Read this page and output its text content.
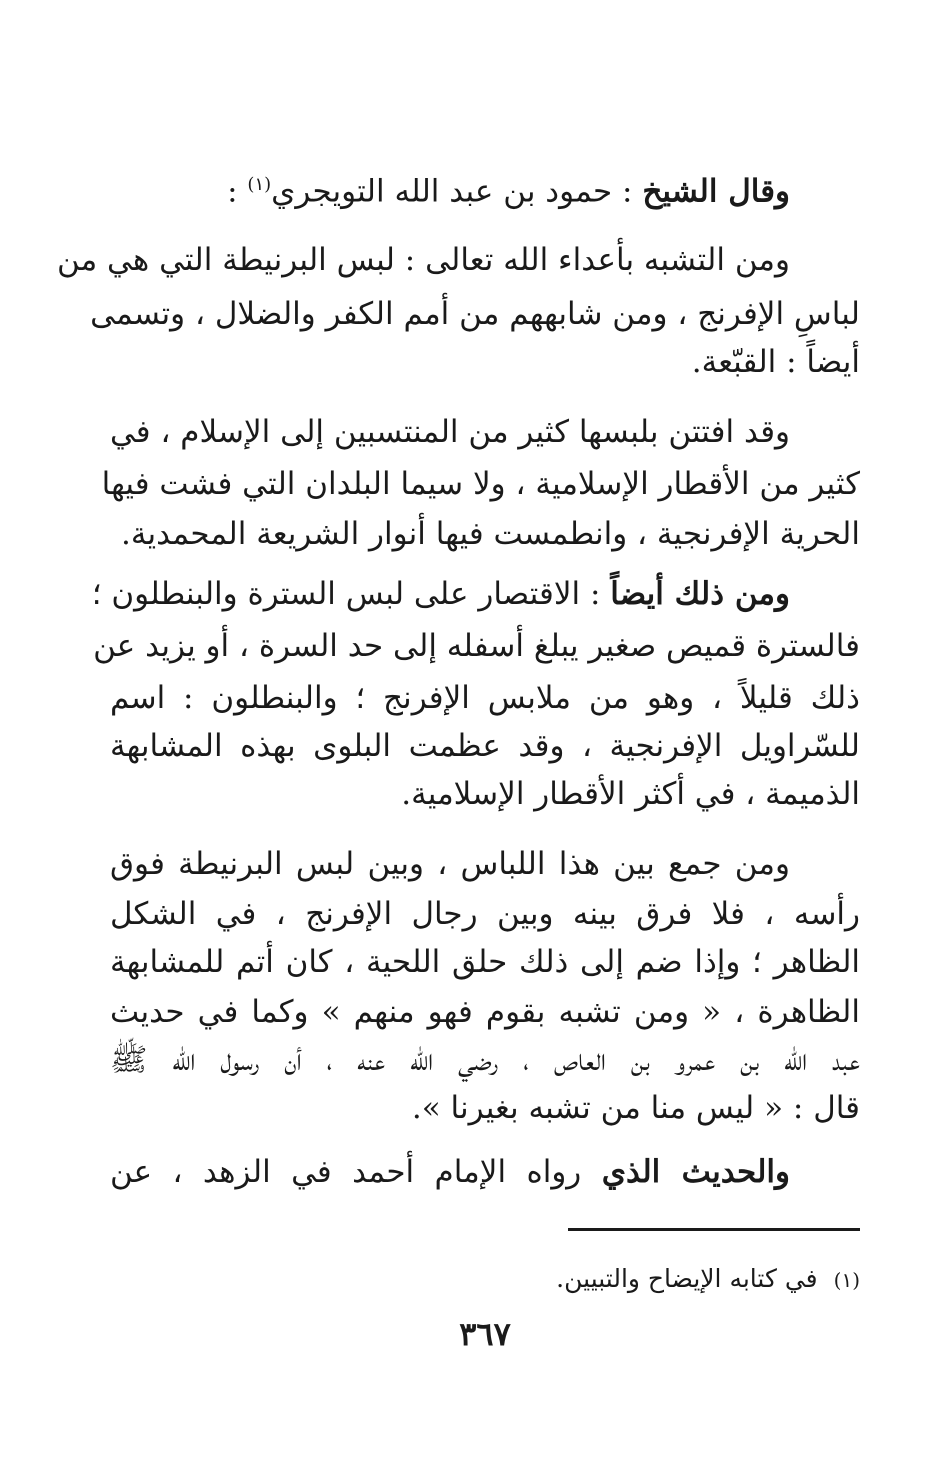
وقال الشيخ : حمود بن عبد الله التويجري$^{(١)}$ :
ومن التشبه بأعداء الله تعالى : لبس البرنيطة التي هي من
لباسِ الإفرنج ، ومن شابههم من أمم الكفر والضلال ، وتسمى
أيضاً : القبّعة.
وقد افتتن بلبسها كثير من المنتسبين إلى الإسلام ، في
كثير من الأقطار الإسلامية ، ولا سيما البلدان التي فشت فيها
الحرية الإفرنجية ، وانطمست فيها أنوار الشريعة المحمدية.
ومن ذلك أيضاً : الاقتصار على لبس السترة والبنطلون ؛
فالسترة قميص صغير يبلغ أسفله إلى حد السرة ، أو يزيد عن
ذلك قليلاً ، وهو من ملابس الإفرنج ؛ والبنطلون : اسم
للسّراويل الإفرنجية ، وقد عظمت البلوى بهذه المشابهة
الذميمة ، في أكثر الأقطار الإسلامية.
ومن جمع بين هذا اللباس ، وبين لبس البرنيطة فوق
رأسه ، فلا فرق بينه وبين رجال الإفرنج ، في الشكل
الظاهر ؛ وإذا ضم إلى ذلك حلق اللحية ، كان أتم للمشابهة
الظاهرة ، « ومن تشبه بقوم فهو منهم » وكما في حديث
عبد الله بن عمرو بن العاص ، رضي الله عنه ، أن رسول الله ﷺ
قال : « ليس منا من تشبه بغيرنا ».
والحديث الذي رواه الإمام أحمد في الزهد ، عن
(١)في كتابه الإيضاح والتبيين.
٣٦٧
